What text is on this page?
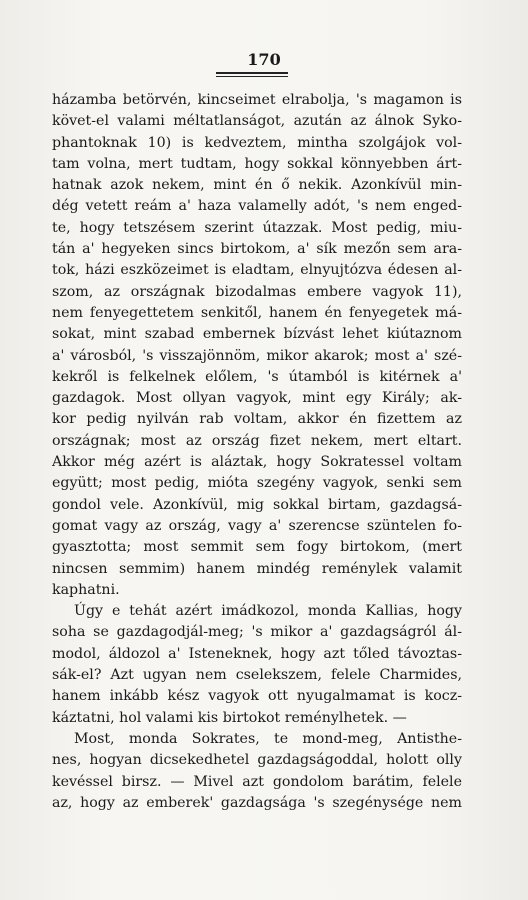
170
házamba betörvén, kincseimet elrabolja, 's magamon is
követ-el valami méltatlanságot, azután az álnok Syko-
phantoknak 10) is kedveztem, mintha szolgájok vol-
tam volna, mert tudtam, hogy sokkal könnyebben árt-
hatnak azok nekem, mint én ő nekik. Azonkívül min-
dég vetett reám a' haza valamelly adót, 's nem enged-
te, hogy tetszésem szerint útazzak. Most pedig, miu-
tán a' hegyeken sincs birtokom, a' sík mezőn sem ara-
tok, házi eszközeimet is eladtam, elnyujtózva édesen al-
szom, az országnak bizodalmas embere vagyok 11),
nem fenyegettetem senkitől, hanem én fenyegetek má-
sokat, mint szabad embernek bízvást lehet kiútaznom
a' városból, 's visszajönnöm, mikor akarok; most a' szé-
kekről is felkelnek előlem, 's útamból is kitérnek a'
gazdagok. Most ollyan vagyok, mint egy Király; ak-
kor pedig nyilván rab voltam, akkor én fizettem az
országnak; most az ország fizet nekem, mert eltart.
Akkor még azért is aláztak, hogy Sokratessel voltam
együtt; most pedig, mióta szegény vagyok, senki sem
gondol vele. Azonkívül, mig sokkal birtam, gazdagsá-
gomat vagy az ország, vagy a' szerencse szüntelen fo-
gyasztotta; most semmit sem fogy birtokom, (mert
nincsen semmim) hanem mindég reménylek valamit
kaphatni.
Úgy e tehát azért imádkozol, monda Kallias, hogy
soha se gazdagodjál-meg; 's mikor a' gazdagságról ál-
modol, áldozol a' Isteneknek, hogy azt tőled távoztas-
sák-el? Azt ugyan nem cselekszem, felele Charmides,
hanem inkább kész vagyok ott nyugalmamat is kocz-
káztatni, hol valami kis birtokot reménylhetek. —
Most, monda Sokrates, te mond-meg, Antisthe-
nes, hogyan dicsekedhetel gazdagságoddal, holott olly
kevéssel birsz. — Mivel azt gondolom barátim, felele
az, hogy az emberek' gazdagsága 's szegénysége nem
